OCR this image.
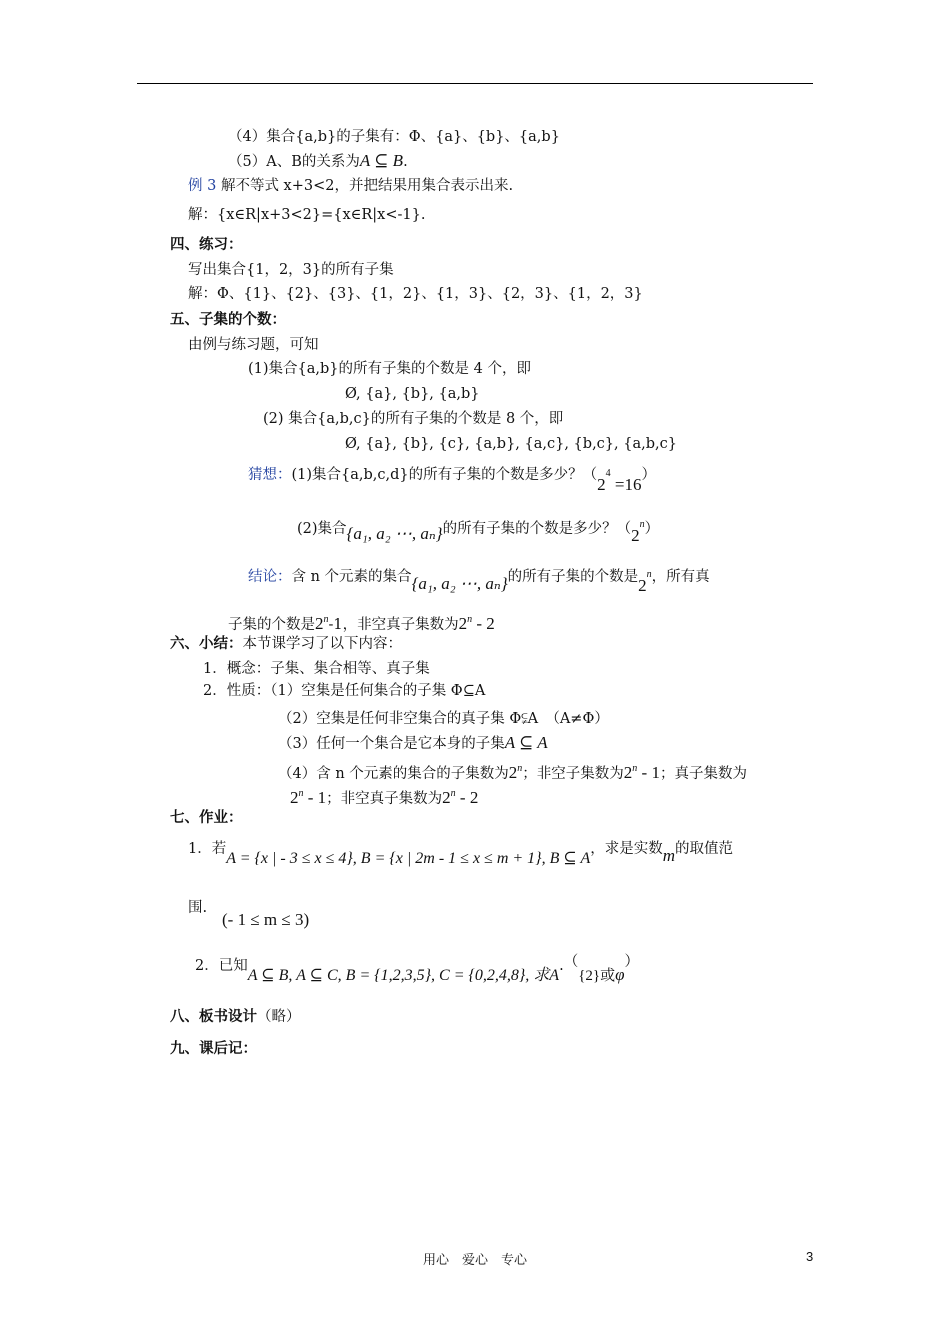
（4）集合{a,b}的子集有：Φ、{a}、{b}、{a,b}
（5）A、B的关系为A ⊆ B.
例 3 解不等式 x+3<2，并把结果用集合表示出来.
解：{x∈R|x+3<2}={x∈R|x<-1}.
四、练习：
写出集合{1，2，3}的所有子集
解：Φ、{1}、{2}、{3}、{1，2}、{1，3}、{2，3}、{1，2，3}
五、子集的个数：
由例与练习题，可知
(1)集合{a,b}的所有子集的个数是 4 个，即
Ø, {a}, {b}, {a,b}
(2) 集合{a,b,c}的所有子集的个数是 8 个，即
Ø, {a}, {b}, {c}, {a,b}, {a,c}, {b,c}, {a,b,c}
猜想：(1)集合{a,b,c,d}的所有子集的个数是多少？$(2^4 =16)$
(2)集合{a₁, a₂ ⋯, aₙ}的所有子集的个数是多少？（2$^n$）
结论：含 n 个元素的集合{a₁, a₂ ⋯, aₙ}的所有子集的个数是2$^n$，所有真
子集的个数是2$^n$-1，非空真子集数为2$^n$ - 2
六、小结：本节课学习了以下内容：
1．概念：子集、集合相等、真子集
2．性质：（1）空集是任何集合的子集 Φ⊆A
（2）空集是任何非空集合的真子集 Φ⫋A　（A≠Φ）
（3）任何一个集合是它本身的子集A ⊆ A
（4）含 n 个元素的集合的子集数为2$^n$；非空子集数为2$^n$ - 1；真子集数为
2$^n$ - 1；非空真子集数为2$^n$ - 2
七、作业：
1．若A = {x | - 3 ≤ x ≤ 4}, B = {x | 2m - 1 ≤ x ≤ m + 1}, B ⊆ A，求是实数m的取值范
围.
(- 1 ≤ m ≤ 3)
2．已知A ⊆ B, A ⊆ C, B = {1,2,3,5}, C = {0,2,4,8}, 求A.（{2}或φ）
八、板书设计（略）
九、课后记：
用心　爱心　专心	3
